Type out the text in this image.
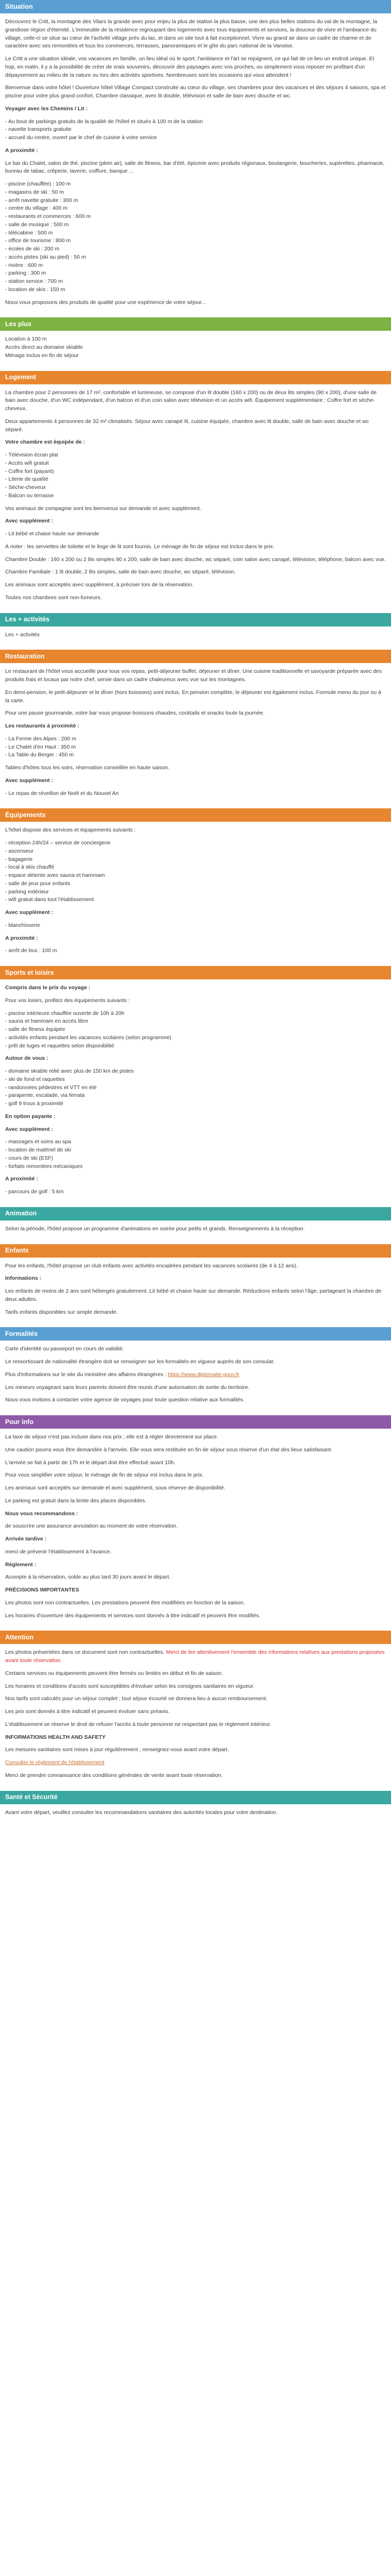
Situation

Découvrez le Critt, la montagne des Vilars la grande avec pour enjeu la plus de station la plus basse, une des plus belles stations du val de la montagne, la grandiose région d'éternité. L'immeuble de la résidence regroupant des logements avec tous équipements et services, la douceur de vivre et l'ambiance du village, celle-ci se situe au cœur de l'activité village près du lac, et dans un site tout à fait exceptionnel. Vivre au grand air dans un cadre de charme et de caractère avec ses remontées et tous les commerces, terrasses, panoramiques et le gîte du parc national de la Vanoise.

Le Critt a une situation idéale, vos vacances en famille, un lieu idéal où le sport, l'ambiance et l'art se rejoignent, ce qui fait de ce lieu un endroit unique. Et hop, en matin, il y a la possibilité de créer de vrais souvenirs, découvrir des paysages avec vos proches, ou simplement vous reposer en profitant d'un dépaysement au milieu de la nature ou lors des activités sportives. Nombreuses sont les occasions qui vous attendent !

Bienvenue dans votre hôtel ! Ouverture hôtel Village Compact construite au cœur du village, ses chambres pour des vacances et des séjours 4 saisons, spa et piscine pour votre plus grand confort. Chambre classique, avec lit double, télévision et salle de bain avec douche et wc.

Voyager avec les Chemins / Lit :

- Au bout de parkings gratuits de la qualité de l'hôtel et situés à 100 m de la station
- navette transports gratuite
- accueil du centre, ouvert par le chef de cuisine à votre service

A proximité :

Le bar du Chalet, salon de thé, piscine (plein air), salle de fitness, bar d'été, épicerie avec produits régionaux, boulangerie, boucheries, supérettes, pharmacie, bureau de tabac, crêperie, laverie, coiffure, banque ...

- piscine (chauffée) : 100 m
- magasins de ski : 50 m
- arrêt navette gratuite : 300 m
- centre du village : 400 m
- restaurants et commerces : 600 m
- salle de musique : 500 m
- télécabine : 500 m
- office de tourisme : 800 m
- écoles de ski : 200 m
- accès pistes (ski au pied) : 50 m
- rivière : 600 m
- parking : 300 m
- station service : 700 m
- location de skis : 150 m

Nous vous proposons des produits de qualité pour une expérience de votre séjour...

Les plus
Location à 100 m
Accès direct au domaine skiable
Ménage inclus en fin de séjour
Logement

La chambre pour 2 personnes de 17 m², confortable et lumineuse, se compose d'un lit double (160 x 200) ou de deux lits simples (90 x 200), d'une salle de bain avec douche, d'un WC indépendant, d'un balcon et d'un coin salon avec télévision et un accès wifi. Équipement supplémentaire : Coffre fort et sèche-cheveux.

Deux appartements 4 personnes de 32 m² climatisés. Séjour avec canapé lit, cuisine équipée, chambre avec lit double, salle de bain avec douche et wc séparé.

Votre chambre est équipée de :

- Télévision écran plat
- Accès wifi gratuit
- Coffre fort (payant)
- Literie de qualité
- Sèche-cheveux
- Balcon ou terrasse

Vos animaux de compagnie sont les bienvenus sur demande et avec supplément.

Avec supplément :

- Lit bébé et chaise haute sur demande

À noter : les serviettes de toilette et le linge de lit sont fournis. Le ménage de fin de séjour est inclus dans le prix.

Chambre Double : 160 x 200 ou 2 lits simples 90 x 200, salle de bain avec douche, wc séparé, coin salon avec canapé, télévision, téléphone, balcon avec vue.

Chambre Familiale : 1 lit double, 2 lits simples, salle de bain avec douche, wc séparé, télévision.

Les animaux sont acceptés avec supplément, à préciser lors de la réservation.

Toutes nos chambres sont non-fumeurs.

Les + activités

Les + activités

Restauration

Le restaurant de l'hôtel vous accueille pour tous vos repas, petit-déjeuner buffet, déjeuner et dîner. Une cuisine traditionnelle et savoyarde préparée avec des produits frais et locaux par notre chef, servie dans un cadre chaleureux avec vue sur les montagnes.

En demi-pension, le petit-déjeuner et le dîner (hors boissons) sont inclus. En pension complète, le déjeuner est également inclus. Formule menu du jour ou à la carte.

Pour une pause gourmande, notre bar vous propose boissons chaudes, cocktails et snacks toute la journée.

Les restaurants à proximité :

- La Ferme des Alpes : 200 m
- Le Chalet d'en Haut : 350 m
- La Table du Berger : 450 m

Tables d'hôtes tous les soirs, réservation conseillée en haute saison.

Avec supplément :

- Le repas de réveillon de Noël et du Nouvel An

Équipements

L'hôtel dispose des services et équipements suivants :

- réception 24h/24 – service de conciergerie
- ascenseur
- bagagerie
- local à skis chauffé
- espace détente avec sauna et hammam
- salle de jeux pour enfants
- parking extérieur
- wifi gratuit dans tout l'établissement

Avec supplément :

- blanchisserie

A proximité :

- arrêt de bus : 100 m

Sports et loisirs

Compris dans le prix du voyage :

Pour vos loisirs, profitez des équipements suivants :

- piscine intérieure chauffée ouverte de 10h à 20h
- sauna et hammam en accès libre
- salle de fitness équipée
- activités enfants pendant les vacances scolaires (selon programme)
- prêt de luges et raquettes selon disponibilité

Autour de vous :

- domaine skiable relié avec plus de 150 km de pistes
- ski de fond et raquettes
- randonnées pédestres et VTT en été
- parapente, escalade, via ferrata
- golf 9 trous à proximité

En option payante :

Avec supplément :

- massages et soins au spa
- location de matériel de ski
- cours de ski (ESF)
- forfaits remontées mécaniques

A proximité :

- parcours de golf : 5 km

Animation

Selon la période, l'hôtel propose un programme d'animations en soirée pour petits et grands. Renseignements à la réception.

Enfants

Pour les enfants, l'hôtel propose un club enfants avec activités encadrées pendant les vacances scolaires (de 4 à 12 ans).

Informations :

Les enfants de moins de 2 ans sont hébergés gratuitement. Lit bébé et chaise haute sur demande. Réductions enfants selon l'âge, partageant la chambre de deux adultes.

Tarifs enfants disponibles sur simple demande.

Formalités

Carte d'identité ou passeport en cours de validité.

Le ressortissant de nationalité étrangère doit se renseigner sur les formalités en vigueur auprès de son consulat.

Plus d'informations sur le site du ministère des affaires étrangères : https://www.diplomatie.gouv.fr

Les mineurs voyageant sans leurs parents doivent être munis d'une autorisation de sortie du territoire.

Nous vous invitons à contacter votre agence de voyages pour toute question relative aux formalités.

Pour info

La taxe de séjour n'est pas incluse dans nos prix ; elle est à régler directement sur place.

Une caution pourra vous être demandée à l'arrivée. Elle vous sera restituée en fin de séjour sous réserve d'un état des lieux satisfaisant.

L'arrivée se fait à partir de 17h et le départ doit être effectué avant 10h.

Pour vous simplifier votre séjour, le ménage de fin de séjour est inclus dans le prix.

Les animaux sont acceptés sur demande et avec supplément, sous réserve de disponibilité.

Le parking est gratuit dans la limite des places disponibles.

Nous vous recommandons :

de souscrire une assurance annulation au moment de votre réservation.

Arrivée tardive :

merci de prévenir l'établissement à l'avance.

Règlement :

Acompte à la réservation, solde au plus tard 30 jours avant le départ.

PRÉCISIONS IMPORTANTES

Les photos sont non contractuelles. Les prestations peuvent être modifiées en fonction de la saison.

Les horaires d'ouverture des équipements et services sont donnés à titre indicatif et peuvent être modifiés.

Attention

Les photos présentées dans ce document sont non contractuelles. Merci de lire attentivement l'ensemble des informations relatives aux prestations proposées avant toute réservation.

Certains services ou équipements peuvent être fermés ou limités en début et fin de saison.

Les horaires et conditions d'accès sont susceptibles d'évoluer selon les consignes sanitaires en vigueur.

Nos tarifs sont calculés pour un séjour complet ; tout séjour écourté ne donnera lieu à aucun remboursement.

Les prix sont donnés à titre indicatif et peuvent évoluer sans préavis.

L'établissement se réserve le droit de refuser l'accès à toute personne ne respectant pas le règlement intérieur.

INFORMATIONS HEALTH AND SAFETY

Les mesures sanitaires sont mises à jour régulièrement ; renseignez-vous avant votre départ.

Consulter le règlement de l'établissement

Merci de prendre connaissance des conditions générales de vente avant toute réservation.

Santé et Sécurité

Avant votre départ, veuillez consulter les recommandations sanitaires des autorités locales pour votre destination.
